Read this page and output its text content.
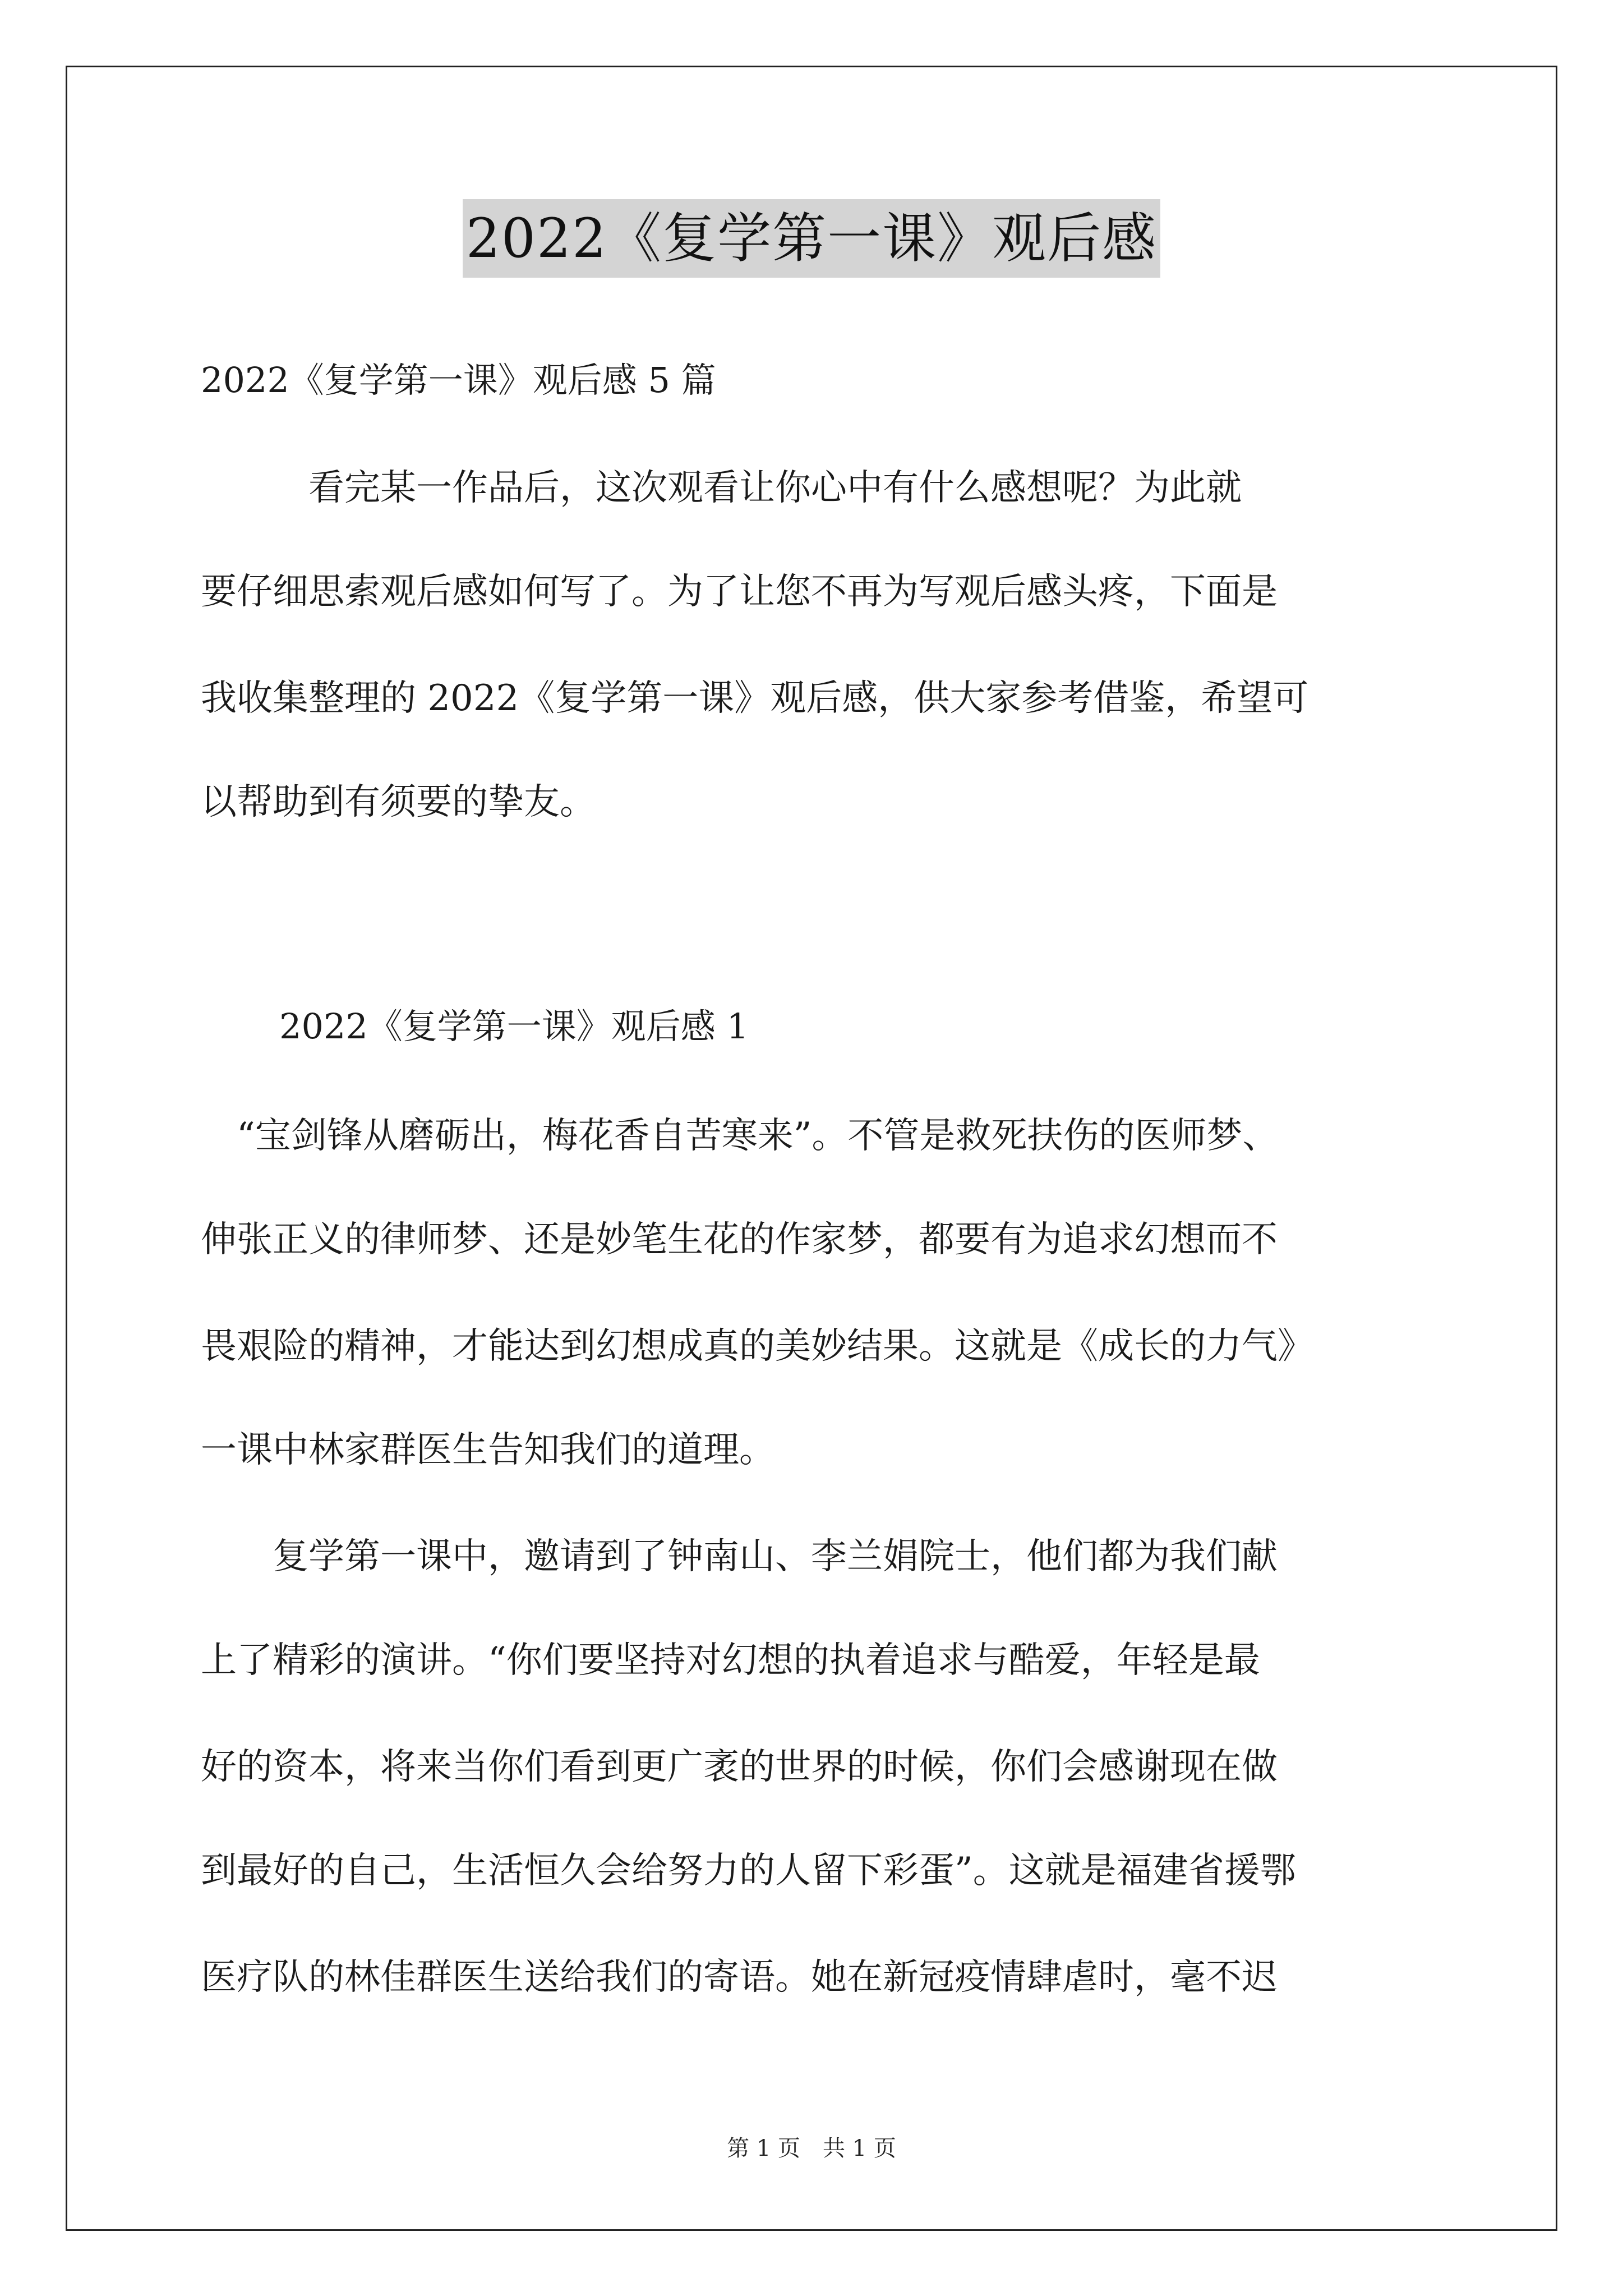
2022《复学第一课》观后感
2022《复学第一课》观后感 5 篇
　　　看完某一作品后，这次观看让你心中有什么感想呢？为此就
要仔细思索观后感如何写了。为了让您不再为写观后感头疼，下面是
我收集整理的 2022《复学第一课》观后感，供大家参考借鉴，希望可
以帮助到有须要的挚友。
2022《复学第一课》观后感 1
　“宝剑锋从磨砺出，梅花香自苦寒来”。不管是救死扶伤的医师梦、
伸张正义的律师梦、还是妙笔生花的作家梦，都要有为追求幻想而不
畏艰险的精神，才能达到幻想成真的美妙结果。这就是《成长的力气》
一课中林家群医生告知我们的道理。
　　复学第一课中，邀请到了钟南山、李兰娟院士，他们都为我们献
上了精彩的演讲。“你们要坚持对幻想的执着追求与酷爱，年轻是最
好的资本，将来当你们看到更广袤的世界的时候，你们会感谢现在做
到最好的自己，生活恒久会给努力的人留下彩蛋”。这就是福建省援鄂
医疗队的林佳群医生送给我们的寄语。她在新冠疫情肆虐时，毫不迟
第 1 页　共 1 页
